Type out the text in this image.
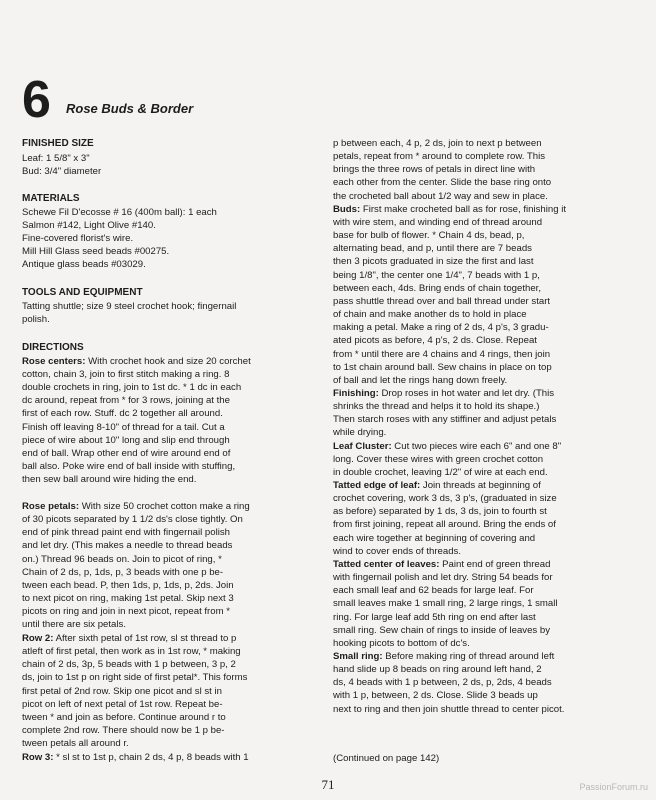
6 Rose Buds & Border

FINISHED SIZE

Leaf: 1 5/8" x 3"

Bud: 3/4" diameter

MATERIALS

Schewe Fil D'ecosse # 16 (400m ball): 1 each

Salmon #142, Light Olive #140.

Fine-covered florist's wire.

Mill Hill Glass seed beads #00275.

Antique glass beads #03029.

TOOLS AND EQUIPMENT

Tatting shuttle; size 9 steel crochet hook; fingernail

polish.

DIRECTIONS

Rose centers: With crochet hook and size 20 corchet

cotton, chain 3, join to first stitch making a ring. 8

double crochets in ring, join to 1st dc. * 1 dc in each

dc around, repeat from * for 3 rows, joining at the

first of each row. Stuff. dc 2 together all around.

Finish off leaving 8-10" of thread for a tail. Cut a

piece of wire about 10" long and slip end through

end of ball. Wrap other end of wire around end of

ball also. Poke wire end of ball inside with stuffing,

then sew ball around wire hiding the end.

Rose petals: With size 50 crochet cotton make a ring

of 30 picots separated by 1 1/2 ds's close tightly. On

end of pink thread paint end with fingernail polish

and let dry. (This makes a needle to thread beads

on.) Thread 96 beads on. Join to picot of ring, *

Chain of 2 ds, p, 1ds, p, 3 beads with one p be-

tween each bead. P, then 1ds, p, 1ds, p, 2ds. Join

to next picot on ring, making 1st petal. Skip next 3

picots on ring and join in next picot, repeat from *

until there are six petals.

Row 2: After sixth petal of 1st row, sl st thread to p

atleft of first petal, then work as in 1st row, * making

chain of 2 ds, 3p, 5 beads with 1 p between, 3 p, 2

ds, join to 1st p on right side of first petal*. This forms

first petal of 2nd row. Skip one picot and sl st in

picot on left of next petal of 1st row. Repeat be-

tween * and join as before. Continue around r to

complete 2nd row. There should now be 1 p be-

tween petals all around r.

Row 3: * sl st to 1st p, chain 2 ds, 4 p, 8 beads with 1

p between each, 4 p, 2 ds, join to next p between

petals, repeat from * around to complete row. This

brings the three rows of petals in direct line with

each other from the center. Slide the base ring onto

the crocheted ball about 1/2 way and sew in place.

Buds: First make crocheted ball as for rose, finishing it

with wire stem, and winding end of thread around

base for bulb of flower. * Chain 4 ds, bead, p,

alternating bead, and p, until there are 7 beads

then 3 picots graduated in size the first and last

being 1/8", the center one 1/4", 7 beads with 1 p,

between each, 4ds. Bring ends of chain together,

pass shuttle thread over and ball thread under start

of chain and make another ds to hold in place

making a petal. Make a ring of 2 ds, 4 p's, 3 gradu-

ated picots as before, 4 p's, 2 ds. Close. Repeat

from * until there are 4 chains and 4 rings, then join

to 1st chain around ball. Sew chains in place on top

of ball and let the rings hang down freely.

Finishing: Drop roses in hot water and let dry. (This

shrinks the thread and helps it to hold its shape.)

Then starch roses with any stiffiner and adjust petals

while drying.

Leaf Cluster: Cut two pieces wire each 6" and one 8"

long. Cover these wires with green crochet cotton

in double crochet, leaving 1/2" of wire at each end.

Tatted edge of leaf: Join threads at beginning of

crochet covering, work 3 ds, 3 p's, (graduated in size

as before) separated by 1 ds, 3 ds, join to fourth st

from first joining, repeat all around. Bring the ends of

each wire together at beginning of covering and

wind to cover ends of threads.

Tatted center of leaves: Paint end of green thread

with fingernail polish and let dry. String 54 beads for

each small leaf and 62 beads for large leaf. For

small leaves make 1 small ring, 2 large rings, 1 small

ring. For large leaf add 5th ring on end after last

small ring. Sew chain of rings to inside of leaves by

hooking picots to bottom of dc's.

Small ring: Before making ring of thread around left

hand slide up 8 beads on ring around left hand, 2

ds, 4 beads with 1 p between, 2 ds, p, 2ds, 4 beads

with 1 p, between, 2 ds. Close. Slide 3 beads up

next to ring and then join shuttle thread to center picot.

(Continued on page 142)

71	PassionForum.ru
